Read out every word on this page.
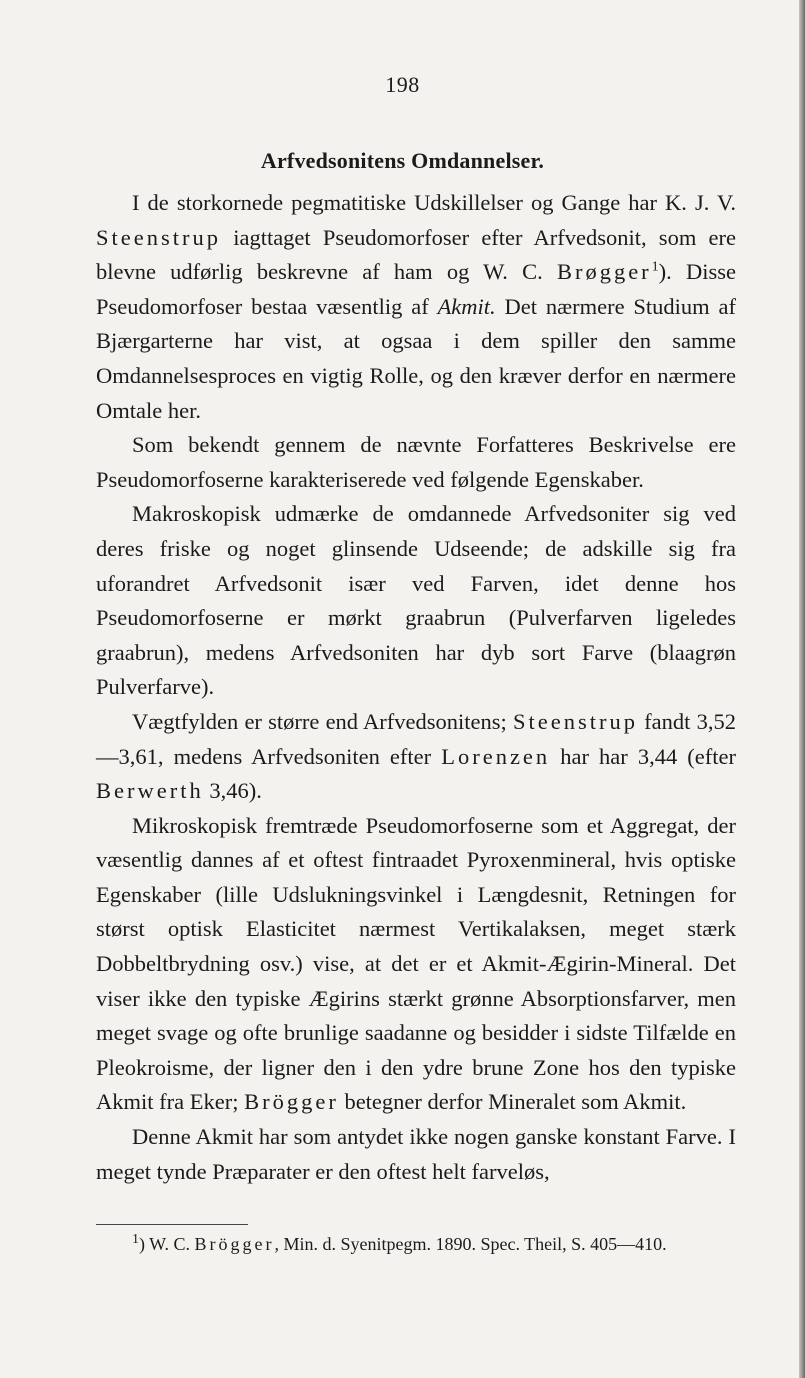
198
Arfvedsonitens Omdannelser.

I de storkornede pegmatitiske Udskillelser og Gange har K. J. V. Steenstrup iagttaget Pseudomorfoser efter Arfvedsonit, som ere blevne udførlig beskrevne af ham og W. C. Brøgger$^1$). Disse Pseudomorfoser bestaa væsentlig af Akmit. Det nærmere Studium af Bjærgarterne har vist, at ogsaa i dem spiller den samme Omdannelsesproces en vigtig Rolle, og den kræver derfor en nærmere Omtale her.

Som bekendt gennem de nævnte Forfatteres Beskrivelse ere Pseudomorfoserne karakteriserede ved følgende Egenskaber.

Makroskopisk udmærke de omdannede Arfvedsoniter sig ved deres friske og noget glinsende Udseende; de adskille sig fra uforandret Arfvedsonit især ved Farven, idet denne hos Pseudomorfoserne er mørkt graabrun (Pulverfarven ligeledes graabrun), medens Arfvedsoniten har dyb sort Farve (blaagrøn Pulverfarve).

Vægtfylden er større end Arfvedsonitens; Steenstrup fandt 3,52—3,61, medens Arfvedsoniten efter Lorenzen har har 3,44 (efter Berwerth 3,46).

Mikroskopisk fremtræde Pseudomorfoserne som et Aggregat, der væsentlig dannes af et oftest fintraadet Pyroxenmineral, hvis optiske Egenskaber (lille Udslukningsvinkel i Længdesnit, Retningen for størst optisk Elasticitet nærmest Vertikalaksen, meget stærk Dobbeltbrydning osv.) vise, at det er et Akmit-Ægirin-Mineral. Det viser ikke den typiske Ægirins stærkt grønne Absorptionsfarver, men meget svage og ofte brunlige saadanne og besidder i sidste Tilfælde en Pleokroisme, der ligner den i den ydre brune Zone hos den typiske Akmit fra Eker; Brögger betegner derfor Mineralet som Akmit.

Denne Akmit har som antydet ikke nogen ganske konstant Farve. I meget tynde Præparater er den oftest helt farveløs,

$^1$) W. C. Brögger, Min. d. Syenitpegm. 1890. Spec. Theil, S. 405—410.
